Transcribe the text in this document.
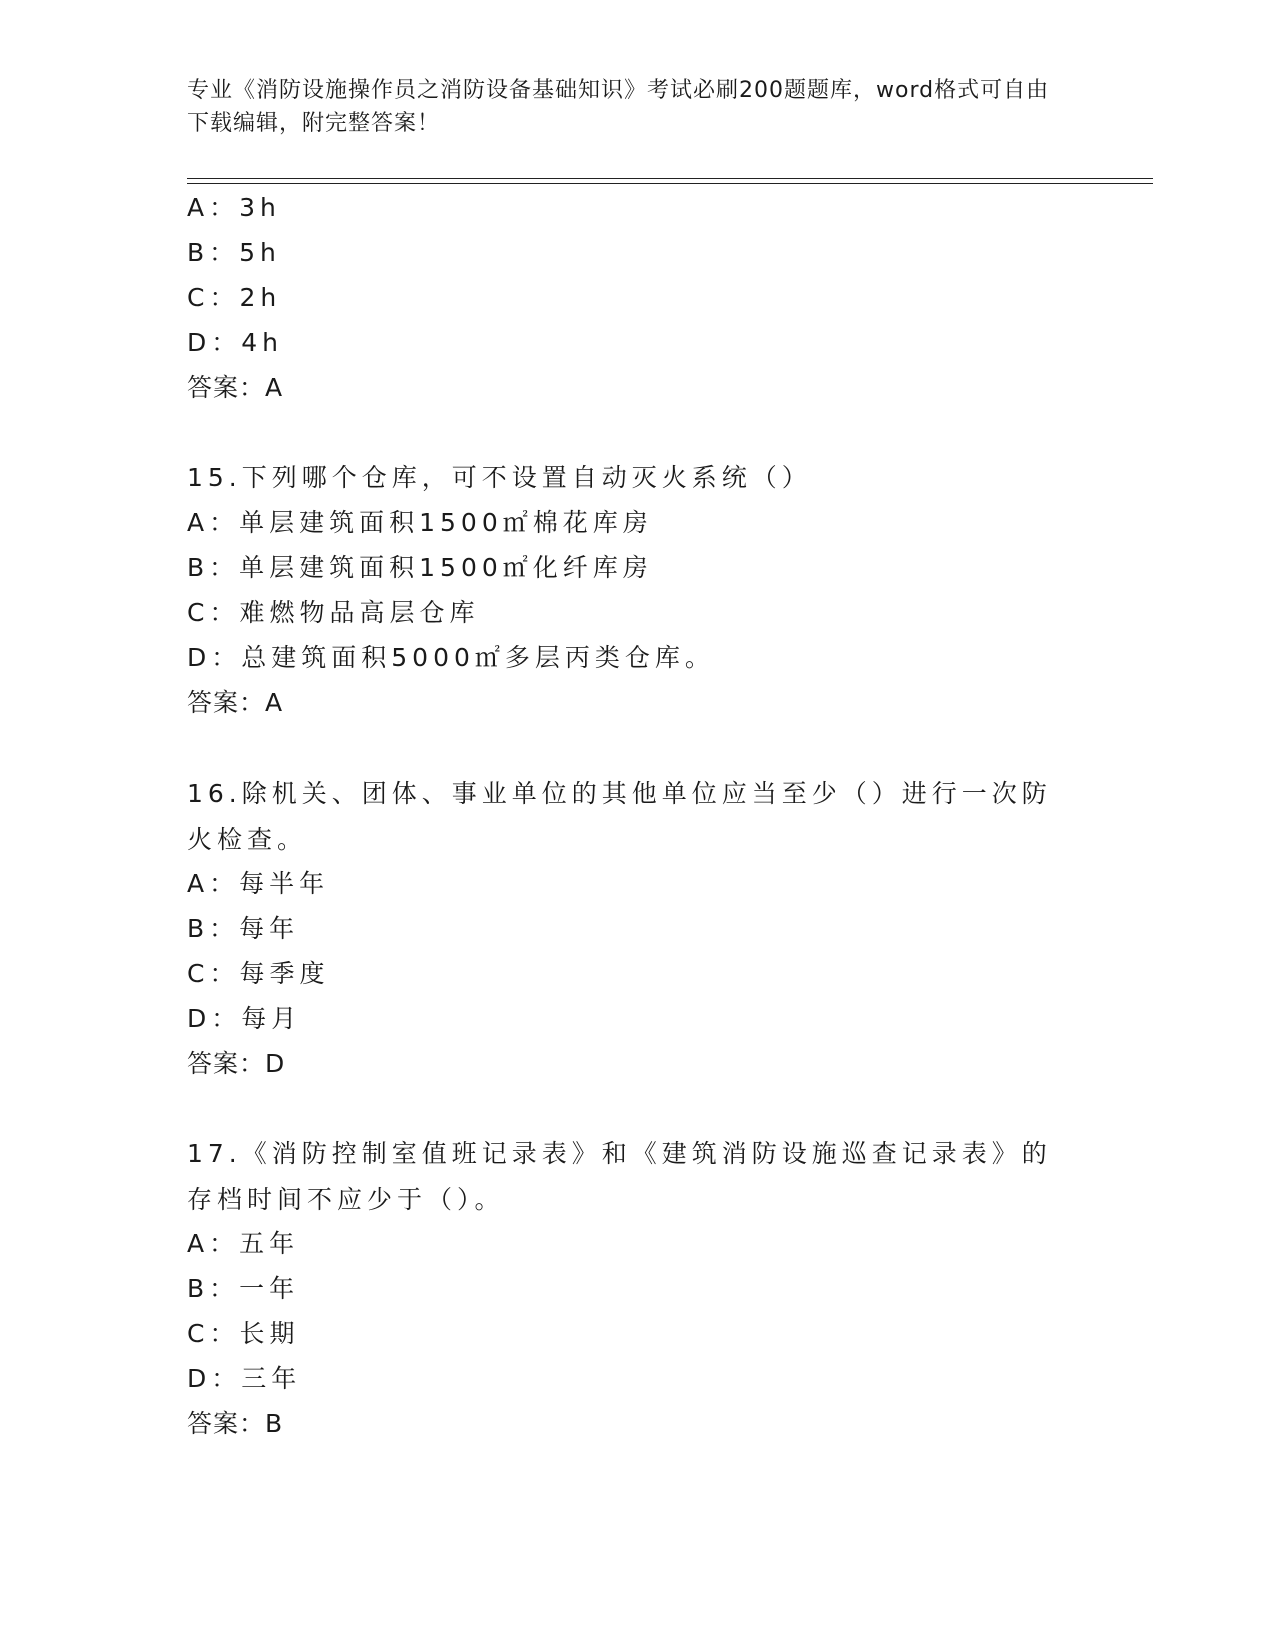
专业《消防设施操作员之消防设备基础知识》考试必刷200题题库，word格式可自由下载编辑，附完整答案！
A：3h
B：5h
C：2h
D：4h
答案：A
15.下列哪个仓库，可不设置自动灭火系统（）
A：单层建筑面积1500㎡棉花库房
B：单层建筑面积1500㎡化纤库房
C：难燃物品高层仓库
D：总建筑面积5000㎡多层丙类仓库。
答案：A
16.除机关、团体、事业单位的其他单位应当至少（）进行一次防火检查。
A：每半年
B：每年
C：每季度
D：每月
答案：D
17.《消防控制室值班记录表》和《建筑消防设施巡查记录表》的存档时间不应少于（）。
A：五年
B：一年
C：长期
D：三年
答案：B
